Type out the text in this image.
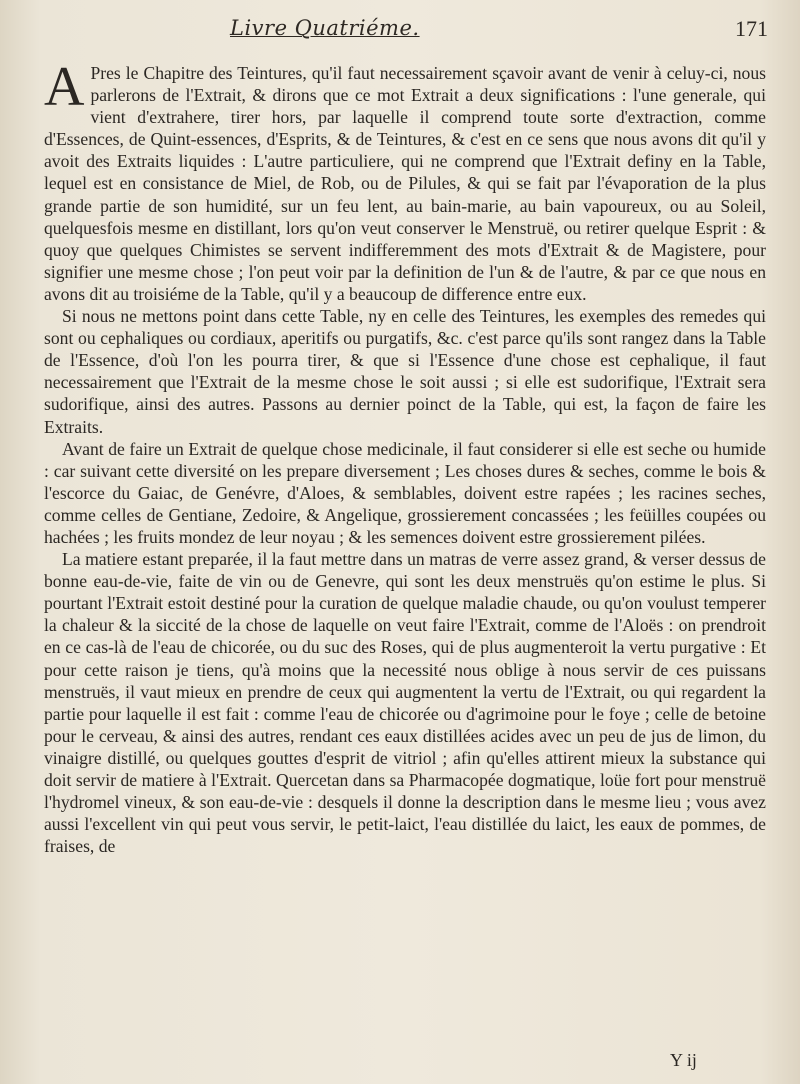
Livre Quatriéme.	171

A Pres le Chapitre des Teintures, qu'il faut necessairement sçavoir avant de venir à celuy-ci, nous parlerons de l'Extrait, & dirons que ce mot Extrait a deux significations : l'une generale, qui vient d'extrahere, tirer hors, par laquelle il comprend toute sorte d'extraction, comme d'Essences, de Quint-essences, d'Esprits, & de Teintures, & c'est en ce sens que nous avons dit qu'il y avoit des Extraits liquides : L'autre particuliere, qui ne comprend que l'Extrait definy en la Table, lequel est en consistance de Miel, de Rob, ou de Pilules, & qui se fait par l'évaporation de la plus grande partie de son humidité, sur un feu lent, au bain-marie, au bain vapoureux, ou au Soleil, quelquesfois mesme en distillant, lors qu'on veut conserver le Menstruë, ou retirer quelque Esprit : & quoy que quelques Chimistes se servent indifferemment des mots d'Extrait & de Magistere, pour signifier une mesme chose ; l'on peut voir par la definition de l'un & de l'autre, & par ce que nous en avons dit au troisiéme de la Table, qu'il y a beaucoup de difference entre eux.

Si nous ne mettons point dans cette Table, ny en celle des Teintures, les exemples des remedes qui sont ou cephaliques ou cordiaux, aperitifs ou purgatifs, &c. c'est parce qu'ils sont rangez dans la Table de l'Essence, d'où l'on les pourra tirer, & que si l'Essence d'une chose est cephalique, il faut necessairement que l'Extrait de la mesme chose le soit aussi ; si elle est sudorifique, l'Extrait sera sudorifique, ainsi des autres. Passons au dernier poinct de la Table, qui est, la façon de faire les Extraits.

Avant de faire un Extrait de quelque chose medicinale, il faut considerer si elle est seche ou humide : car suivant cette diversité on les prepare diversement ; Les choses dures & seches, comme le bois & l'escorce du Gaiac, de Genévre, d'Aloes, & semblables, doivent estre rapées ; les racines seches, comme celles de Gentiane, Zedoire, & Angelique, grossierement concassées ; les feüilles coupées ou hachées ; les fruits mondez de leur noyau ; & les semences doivent estre grossierement pilées.

La matiere estant preparée, il la faut mettre dans un matras de verre assez grand, & verser dessus de bonne eau-de-vie, faite de vin ou de Genevre, qui sont les deux menstruës qu'on estime le plus. Si pourtant l'Extrait estoit destiné pour la curation de quelque maladie chaude, ou qu'on voulust temperer la chaleur & la siccité de la chose de laquelle on veut faire l'Extrait, comme de l'Aloës : on prendroit en ce cas-là de l'eau de chicorée, ou du suc des Roses, qui de plus augmenteroit la vertu purgative : Et pour cette raison je tiens, qu'à moins que la necessité nous oblige à nous servir de ces puissans menstruës, il vaut mieux en prendre de ceux qui augmentent la vertu de l'Extrait, ou qui regardent la partie pour laquelle il est fait : comme l'eau de chicorée ou d'agrimoine pour le foye ; celle de betoine pour le cerveau, & ainsi des autres, rendant ces eaux distillées acides avec un peu de jus de limon, du vinaigre distillé, ou quelques gouttes d'esprit de vitriol ; afin qu'elles attirent mieux la substance qui doit servir de matiere à l'Extrait. Quercetan dans sa Pharmacopée dogmatique, loüe fort pour menstruë l'hydromel vineux, & son eau-de-vie : desquels il donne la description dans le mesme lieu ; vous avez aussi l'excellent vin qui peut vous servir, le petit-laict, l'eau distillée du laict, les eaux de pommes, de fraises, de

Y ij
